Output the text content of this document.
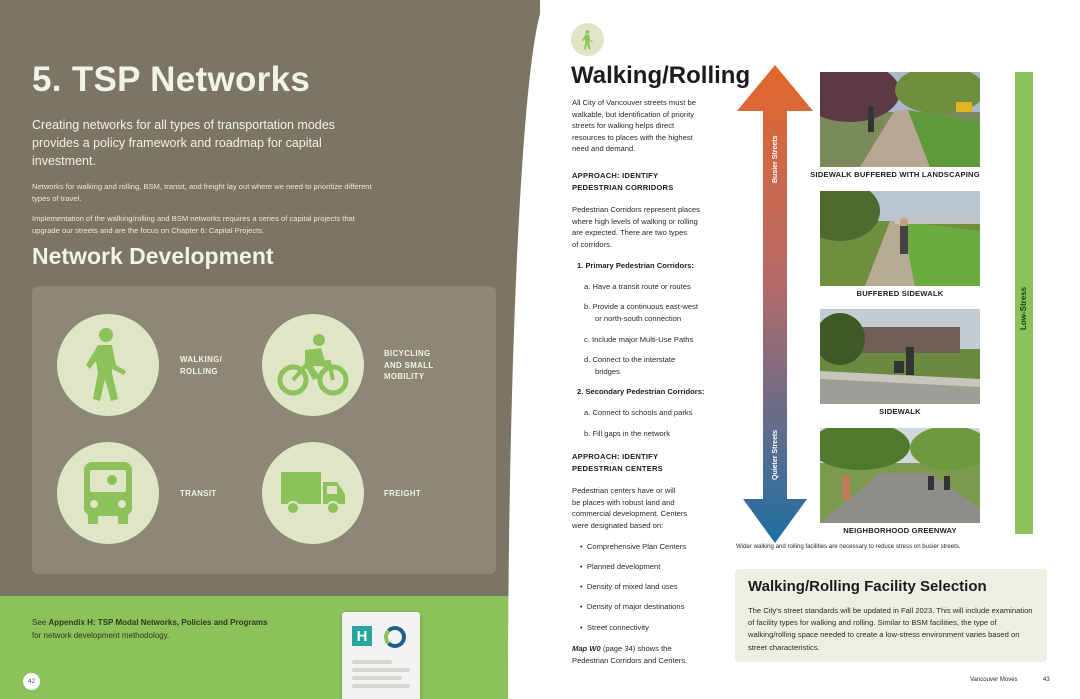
5. TSP Networks
Creating networks for all types of transportation modes provides a policy framework and roadmap for capital investment.
Networks for walking and rolling, BSM, transit, and freight lay out where we need to prioritize different types of travel.
Implementation of the walking/rolling and BSM networks requires a series of capital projects that upgrade our streets and are the focus on Chapter 6: Capital Projects.
Network Development
WALKING/
ROLLING
BICYCLING
AND SMALL
MOBILITY
TRANSIT	FREIGHT
See Appendix H: TSP Modal Networks, Policies and Programs
for network development methodology.	H
42
Walking/Rolling
All City of Vancouver streets must be
walkable, but identification of priority
streets for walking helps direct
resources to places with the highest
need and demand.
APPROACH: IDENTIFY
PEDESTRIAN CORRIDORS
Pedestrian Corridors represent places
where high levels of walking or rolling
are expected. There are two types
of corridors.
1. Primary Pedestrian Corridors:
a. Have a transit route or routes
b. Provide a continuous east-west
or north-south connection
c. Include major Multi-Use Paths
d. Connect to the interstate
bridges
2. Secondary Pedestrian Corridors:
a. Connect to schools and parks
b. Fill gaps in the network
APPROACH: IDENTIFY
PEDESTRIAN CENTERS
Pedestrian centers have or will
be places with robust land and
commercial development. Centers
were designated based on:
•  Comprehensive Plan Centers
•  Planned development
•  Density of mixed land uses
•  Density of major destinations
•  Street connectivity
Map W0 (page 34) shows the
Pedestrian Corridors and Centers.
Busier Streets
Quieter Streets
SIDEWALK BUFFERED WITH LANDSCAPING
BUFFERED SIDEWALK
SIDEWALK
NEIGHBORHOOD GREENWAY
Low-Stress
Wider walking and rolling facilities are necessary to reduce stress on busier streets.
Walking/Rolling Facility Selection
The City's street standards will be updated in Fall 2023. This will include examination of facility types for walking and rolling. Similar to BSM facilities, the type of walking/rolling space needed to create a low-stress environment varies based on street characteristics.
Vancouver Moves	43
